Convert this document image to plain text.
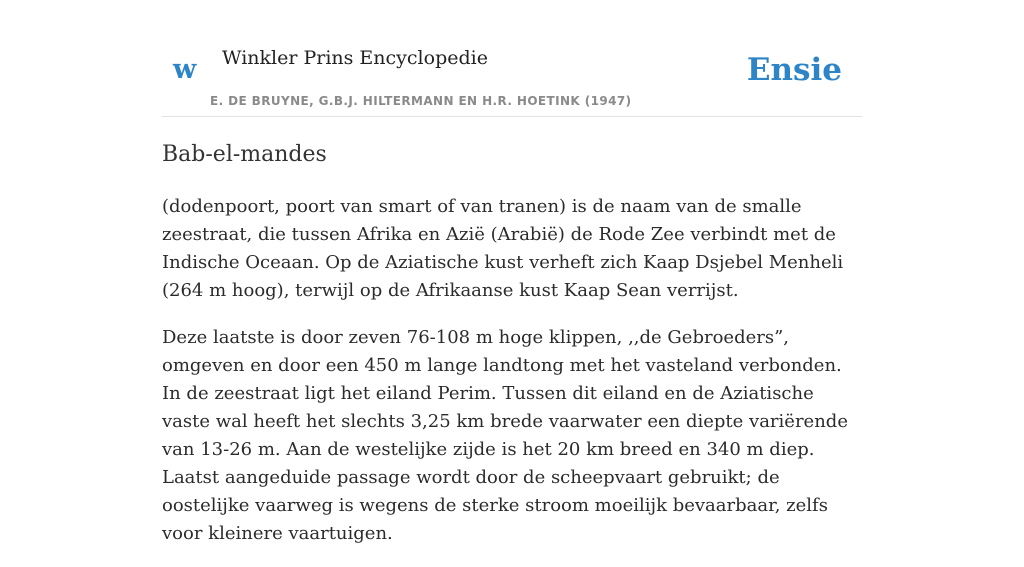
w Winkler Prins Encyclopedie
E. DE BRUYNE, G.B.J. HILTERMANN EN H.R. HOETINK (1947)
Ensie
Bab-el-mandes

(dodenpoort, poort van smart of van tranen) is de naam van de smalle zeestraat, die tussen Afrika en Azië (Arabië) de Rode Zee verbindt met de Indische Oceaan. Op de Aziatische kust verheft zich Kaap Dsjebel Menheli (264 m hoog), terwijl op de Afrikaanse kust Kaap Sean verrijst.

Deze laatste is door zeven 76-108 m hoge klippen, ,,de Gebroeders”, omgeven en door een 450 m lange landtong met het vasteland verbonden. In de zeestraat ligt het eiland Perim. Tussen dit eiland en de Aziatische vaste wal heeft het slechts 3,25 km brede vaarwater een diepte variërende van 13-26 m. Aan de westelijke zijde is het 20 km breed en 340 m diep. Laatst aangeduide passage wordt door de scheepvaart gebruikt; de oostelijke vaarweg is wegens de sterke stroom moeilijk bevaarbaar, zelfs voor kleinere vaartuigen.
